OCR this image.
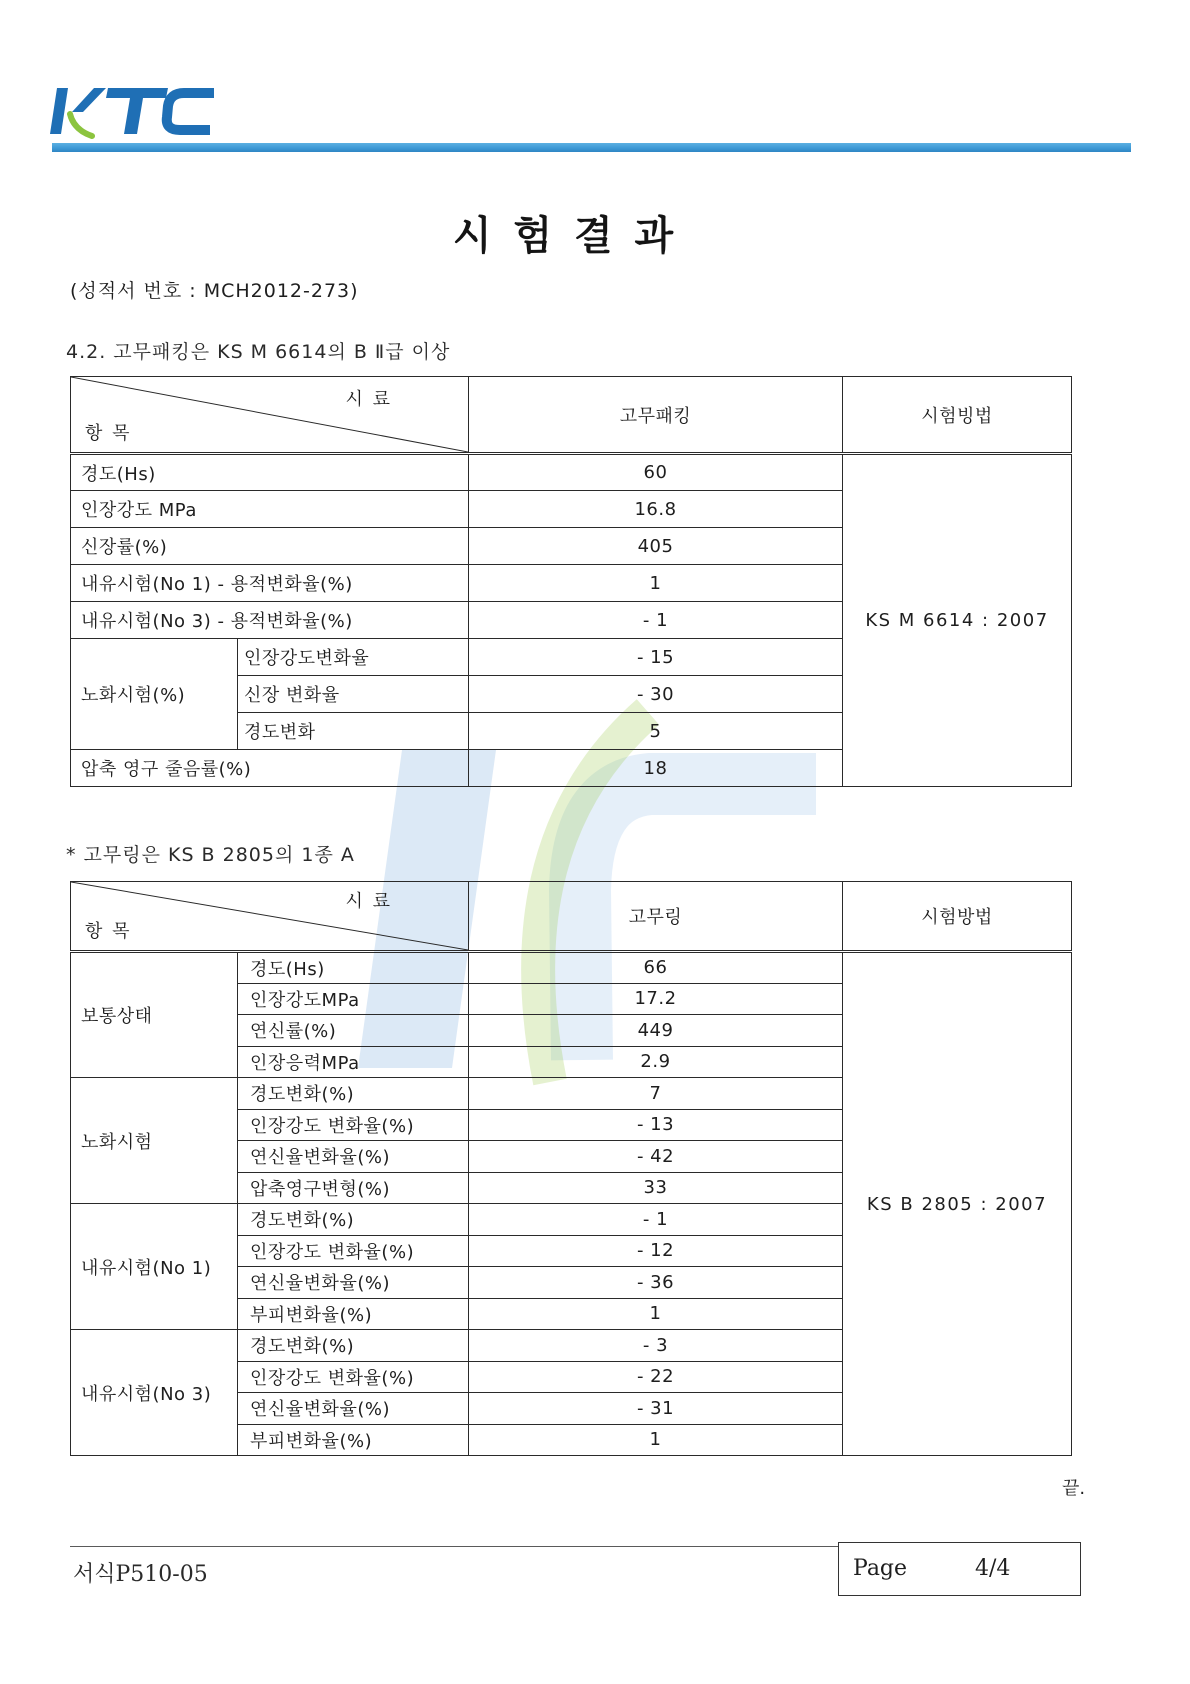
시 험 결 과
(성적서 번호 : MCH2012-273)
4.2. 고무패킹은 KS M 6614의 B Ⅱ급 이상
시 료
항 목		고무패킹	시험빙법
경도(Hs)		60	KS M 6614 : 2007
인장강도 MPa		16.8	
신장률(%)		405	
내유시험(No 1) - 용적변화율(%)		1	
내유시험(No 3) - 용적변화율(%)		- 1	
노화시험(%)	인장강도변화율	- 15	
	신장 변화율	- 30	
	경도변화	5	
압축 영구 줄음률(%)		18	
* 고무링은 KS B 2805의 1종 A
시 료
항 목		고무링	시험방법
보통상태	경도(Hs)	66	KS B 2805 : 2007
	인장강도MPa	17.2	
	연신률(%)	449	
	인장응력MPa	2.9	
노화시험	경도변화(%)	7	
	인장강도 변화율(%)	- 13	
	연신율변화율(%)	- 42	
	압축영구변형(%)	33	
내유시험(No 1)	경도변화(%)	- 1	
	인장강도 변화율(%)	- 12	
	연신율변화율(%)	- 36	
	부피변화율(%)	1	
내유시험(No 3)	경도변화(%)	- 3	
	인장강도 변화율(%)	- 22	
	연신율변화율(%)	- 31	
	부피변화율(%)	1	
끝.
서식P510-05	Page	4/4
